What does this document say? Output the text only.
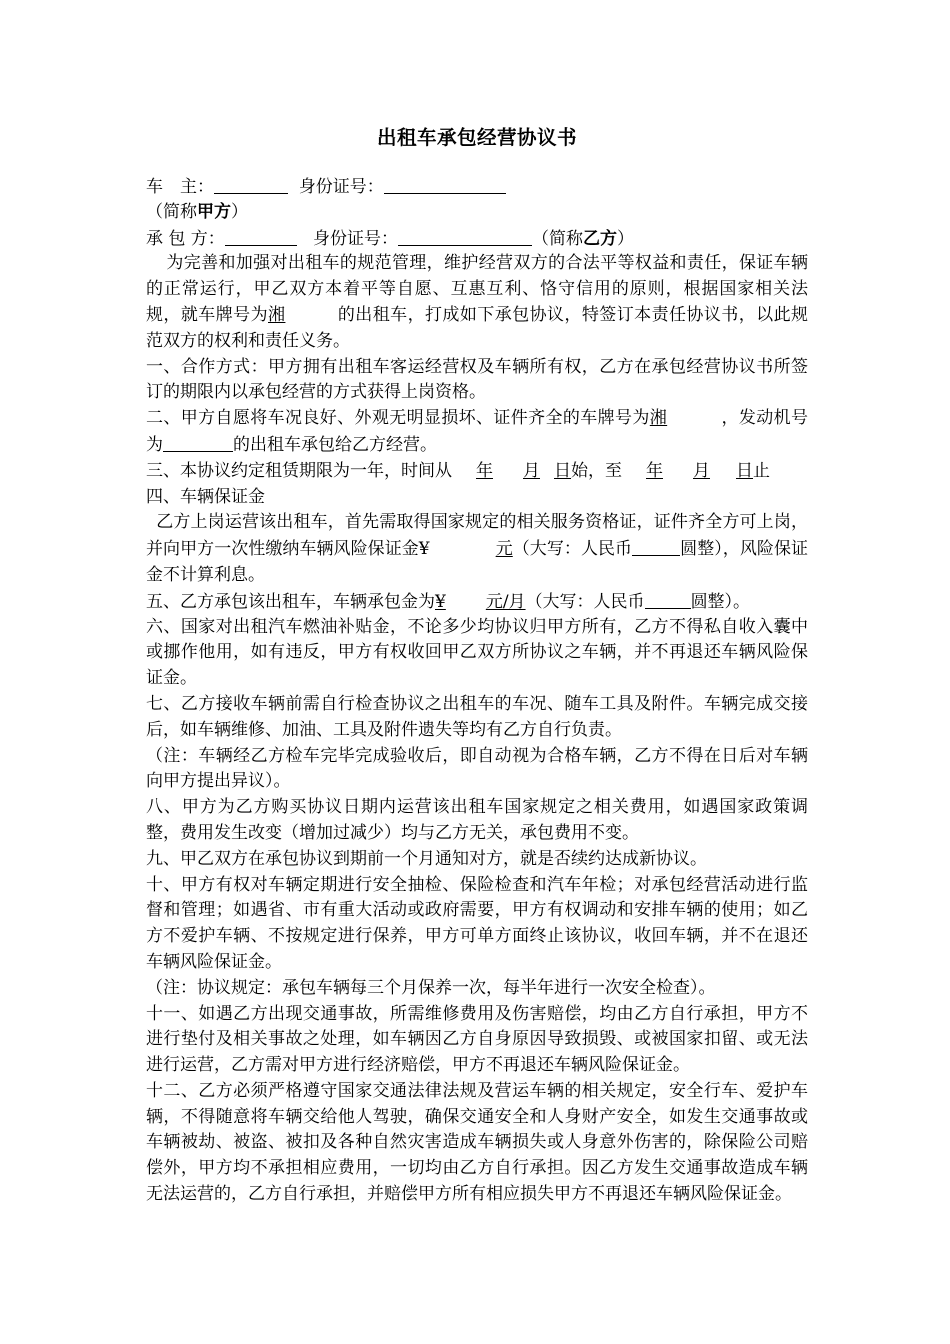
出租车承包经营协议书
车　主：	身份证号：
（简称甲方）
承 包 方：	身份证号：	（简称乙方）

为完善和加强对出租车的规范管理，维护经营双方的合法平等权益和责任，保证车辆的正常运行，甲乙双方本着平等自愿、互惠互利、恪守信用的原则，根据国家相关法规，就车牌号为湘	的出租车，打成如下承包协议，特签订本责任协议书，以此规范双方的权利和责任义务。

一、合作方式：甲方拥有出租车客运经营权及车辆所有权，乙方在承包经营协议书所签订的期限内以承包经营的方式获得上岗资格。

二、甲方自愿将车况良好、外观无明显损坏、证件齐全的车牌号为湘	，发动机号为	的出租车承包给乙方经营。

三、本协议约定租赁期限为一年，时间从 年 月 日始，至 年 月 日止
四、车辆保证金

乙方上岗运营该出租车，首先需取得国家规定的相关服务资格证，证件齐全方可上岗，并向甲方一次性缴纳车辆风险保证金¥	元（大写：人民币	圆整），风险保证金不计算利息。

五、乙方承包该出租车，车辆承包金为¥ 元/月（大写：人民币	圆整）。

六、国家对出租汽车燃油补贴金，不论多少均协议归甲方所有，乙方不得私自收入囊中或挪作他用，如有违反，甲方有权收回甲乙双方所协议之车辆，并不再退还车辆风险保证金。

七、乙方接收车辆前需自行检查协议之出租车的车况、随车工具及附件。车辆完成交接后，如车辆维修、加油、工具及附件遗失等均有乙方自行负责。

（注：车辆经乙方检车完毕完成验收后，即自动视为合格车辆，乙方不得在日后对车辆向甲方提出异议）。

八、甲方为乙方购买协议日期内运营该出租车国家规定之相关费用，如遇国家政策调整，费用发生改变（增加过减少）均与乙方无关，承包费用不变。

九、甲乙双方在承包协议到期前一个月通知对方，就是否续约达成新协议。

十、甲方有权对车辆定期进行安全抽检、保险检查和汽车年检；对承包经营活动进行监督和管理；如遇省、市有重大活动或政府需要，甲方有权调动和安排车辆的使用；如乙方不爱护车辆、不按规定进行保养，甲方可单方面终止该协议，收回车辆，并不在退还车辆风险保证金。

（注：协议规定：承包车辆每三个月保养一次，每半年进行一次安全检查）。

十一、如遇乙方出现交通事故，所需维修费用及伤害赔偿，均由乙方自行承担，甲方不进行垫付及相关事故之处理，如车辆因乙方自身原因导致损毁、或被国家扣留、或无法进行运营，乙方需对甲方进行经济赔偿，甲方不再退还车辆风险保证金。

十二、乙方必须严格遵守国家交通法律法规及营运车辆的相关规定，安全行车、爱护车辆，不得随意将车辆交给他人驾驶，确保交通安全和人身财产安全，如发生交通事故或车辆被劫、被盗、被扣及各种自然灾害造成车辆损失或人身意外伤害的，除保险公司赔偿外，甲方均不承担相应费用，一切均由乙方自行承担。因乙方发生交通事故造成车辆无法运营的，乙方自行承担，并赔偿甲方所有相应损失甲方不再退还车辆风险保证金。
